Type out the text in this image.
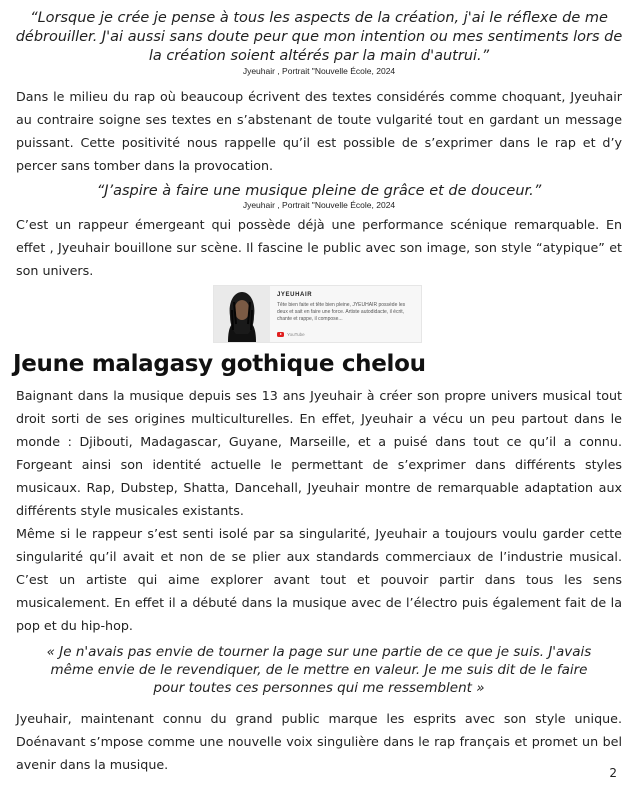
“Lorsque je crée je pense à tous les aspects de la création, j'ai le réflexe de me
débrouiller. J'ai aussi sans doute peur que mon intention ou mes sentiments lors de
la création soient altérés par la main d'autrui.”
Jyeuhair , Portrait "Nouvelle École, 2024

Dans le milieu du rap où beaucoup écrivent des textes considérés comme choquant, Jyeuhair au contraire soigne ses textes en s’abstenant de toute vulgarité tout en gardant un message puissant. Cette positivité nous rappelle qu’il est possible de s’exprimer dans le rap et d’y percer sans tomber dans la provocation.

“J’aspire à faire une musique pleine de grâce et de douceur.”
Jyeuhair , Portrait "Nouvelle École, 2024

C’est un rappeur émergeant qui possède déjà une performance scénique remarquable. En effet , Jyeuhair bouillone sur scène. Il fascine le public avec son image, son style “atypique” et son univers.

JYEUHAIR
Tête bien faite et tête bien pleine, JYEUHAIR possède les deux et sait en faire une force. Artiste autodidacte, il écrit, chante et rappe, il compose...
YouTube
Jeune malagasy gothique chelou

Baignant dans la musique depuis ses 13 ans Jyeuhair à créer son propre univers musical tout droit sorti de ses origines multiculturelles. En effet, Jyeuhair a vécu un peu partout dans le monde : Djibouti, Madagascar, Guyane, Marseille, et a puisé dans tout ce qu’il a connu. Forgeant ainsi son identité actuelle le permettant de s’exprimer dans différents styles musicaux. Rap, Dubstep, Shatta, Dancehall, Jyeuhair montre de remarquable adaptation aux différents style musicales existants.

Même si le rappeur s’est senti isolé par sa singularité, Jyeuhair a toujours voulu garder cette singularité qu’il avait et non de se plier aux standards commerciaux de l’industrie musical. C’est un artiste qui aime explorer avant tout et pouvoir partir dans tous les sens musicalement. En effet il a débuté dans la musique avec de l’électro puis également fait de la pop et du hip-hop.

« Je n'avais pas envie de tourner la page sur une partie de ce que je suis. J'avais
même envie de le revendiquer, de le mettre en valeur. Je me suis dit de le faire
pour toutes ces personnes qui me ressemblent »

Jyeuhair, maintenant connu du grand public marque les esprits avec son style unique. Doénavant s’mpose comme une nouvelle voix singulière dans le rap français et promet un bel avenir dans la musique.

2
